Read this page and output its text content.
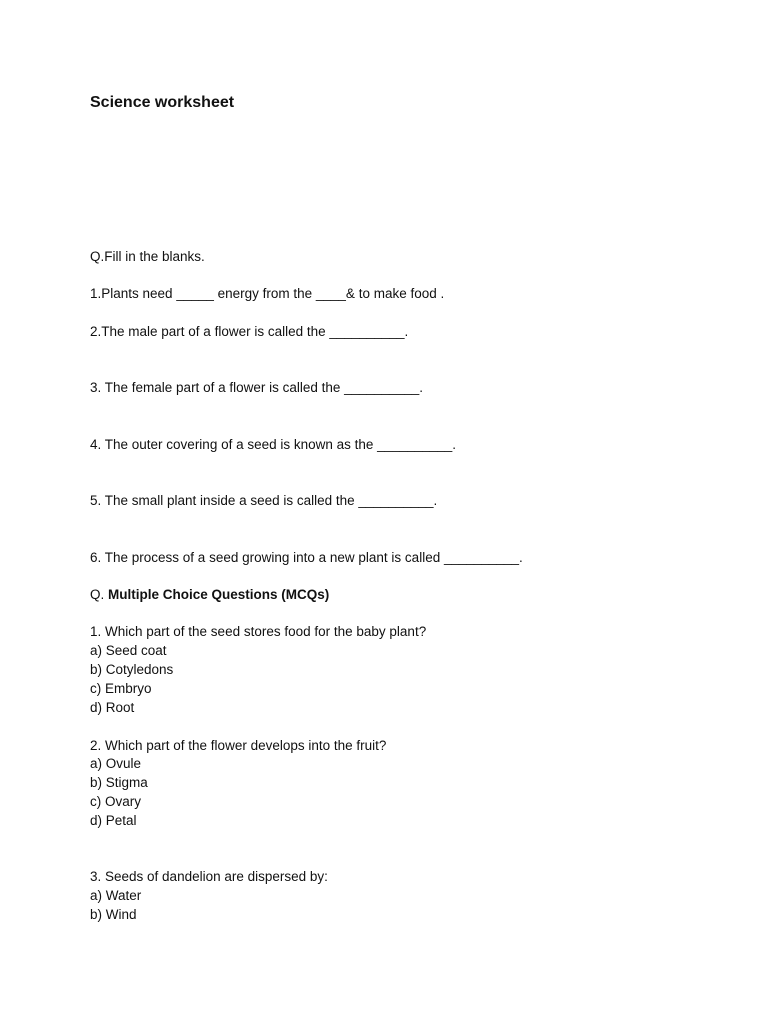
Science worksheet
Q.Fill in the blanks.
1.Plants need _____ energy from the ____& to make food .
2.The male part of a flower is called the __________.
3. The female part of a flower is called the __________.
4. The outer covering of a seed is known as the __________.
5. The small plant inside a seed is called the __________.
6. The process of a seed growing into a new plant is called __________.
Q. Multiple Choice Questions (MCQs)
1. Which part of the seed stores food for the baby plant?
a) Seed coat
b) Cotyledons
c) Embryo
d) Root
2. Which part of the flower develops into the fruit?
a) Ovule
b) Stigma
c) Ovary
d) Petal
3. Seeds of dandelion are dispersed by:
a) Water
b) Wind
